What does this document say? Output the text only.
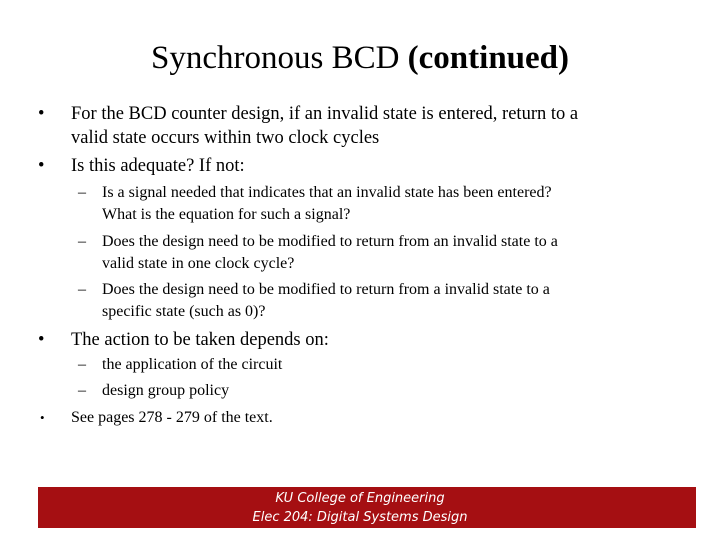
Synchronous BCD (continued)
•	For the BCD counter design, if an invalid state is entered, return to a
valid state occurs within two clock cycles
•	Is this adequate? If not:
– Is a signal needed that indicates that an invalid state has been entered?
What is the equation for such a signal?
– Does the design need to be modified to return from an invalid state to a
valid state in one clock cycle?
– Does the design need to be modified to return from a invalid state to a
specific state (such as 0)?
•	The action to be taken depends on:
– the application of the circuit
– design group policy
•	See pages 278 - 279 of the text.
KU College of Engineering
Elec 204: Digital Systems Design
